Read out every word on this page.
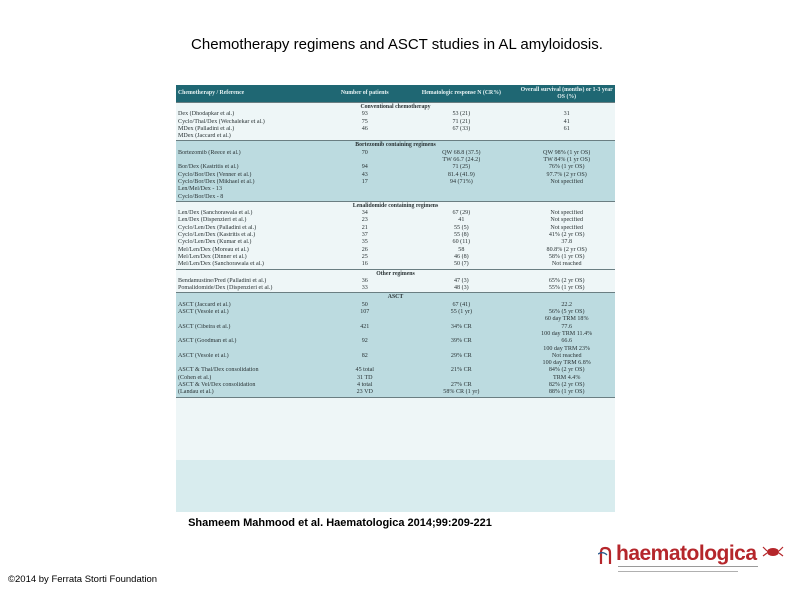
Chemotherapy regimens and ASCT studies in AL amyloidosis.
Chemotherapy / Reference	Number of patients	Hematologic response N (CR%)	Overall survival (months) or 1-3 year OS (%)
Conventional chemotherapy			
Dex (Dhodapkar et al.)	93	53 (21)	31
Cyclo/Thal/Dex (Wechalekar et al.)	75	71 (21)	41
MDex (Palladini et al.)	46	67 (33)	61
MDex (Jaccard et al.)			
Bortezomib containing regimens			
Bortezomib (Reece et al.)	70	QW 68.8 (37.5)	QW 98% (1 yr OS)
		TW 66.7 (24.2)	TW 84% (1 yr OS)
Bor/Dex (Kastritis et al.)	94	71 (25)	76% (1 yr OS)
Cyclo/Bor/Dex (Venner et al.)	43	81.4 (41.9)	97.7% (2 yr OS)
Cyclo/Bor/Dex (Mikhael et al.)	17	94 (71%)	Not specified
Len/Mel/Dex - 13			
Cyclo/Bor/Dex - 8			
Lenalidomide containing regimens			
Len/Dex (Sanchorawala et al.)	34	67 (29)	Not specified
Len/Dex (Dispenzieri et al.)	23	41	Not specified
Cyclo/Len/Dex (Palladini et al.)	21	55 (5)	Not specified
Cyclo/Len/Dex (Kastritis et al.)	37	55 (8)	41% (2 yr OS)
Cyclo/Len/Dex (Kumar et al.)	35	60 (11)	37.8
Mel/Len/Dex (Moreau et al.)	26	58	80.8% (2 yr OS)
Mel/Len/Dex (Dinner et al.)	25	46 (8)	58% (1 yr OS)
Mel/Len/Dex (Sanchorawala et al.)	16	50 (7)	Not reached
Other regimens			
Bendamustine/Pred (Palladini et al.)	36	47 (3)	65% (2 yr OS)
Pomalidomide/Dex (Dispenzieri et al.)	33	48 (3)	55% (1 yr OS)
ASCT			
ASCT (Jaccard et al.)	50	67 (41)	22.2
ASCT (Vesole et al.)	107	55 (1 yr)	56% (5 yr OS)
			60 day TRM 18%
ASCT (Cibeira et al.)	421	34% CR	77.6
			100 day TRM 11.4%
ASCT (Goodman et al.)	92	39% CR	66.6
			100 day TRM 23%
ASCT (Vesole et al.)	82	29% CR	Not reached
			100 day TRM 6.8%
ASCT & Thal/Dex consolidation	45 total	21% CR	84% (2 yr OS)
(Cohen et al.)	31 TD		TRM 4.4%

ASCT & Vel/Dex consolidation	4 total	27% CR	82% (2 yr OS)
(Landau et al.)	23 VD	58% CR (1 yr)	88% (1 yr OS)
Shameem Mahmood et al. Haematologica 2014;99:209-221
©2014 by Ferrata Storti Foundation
haematologica
